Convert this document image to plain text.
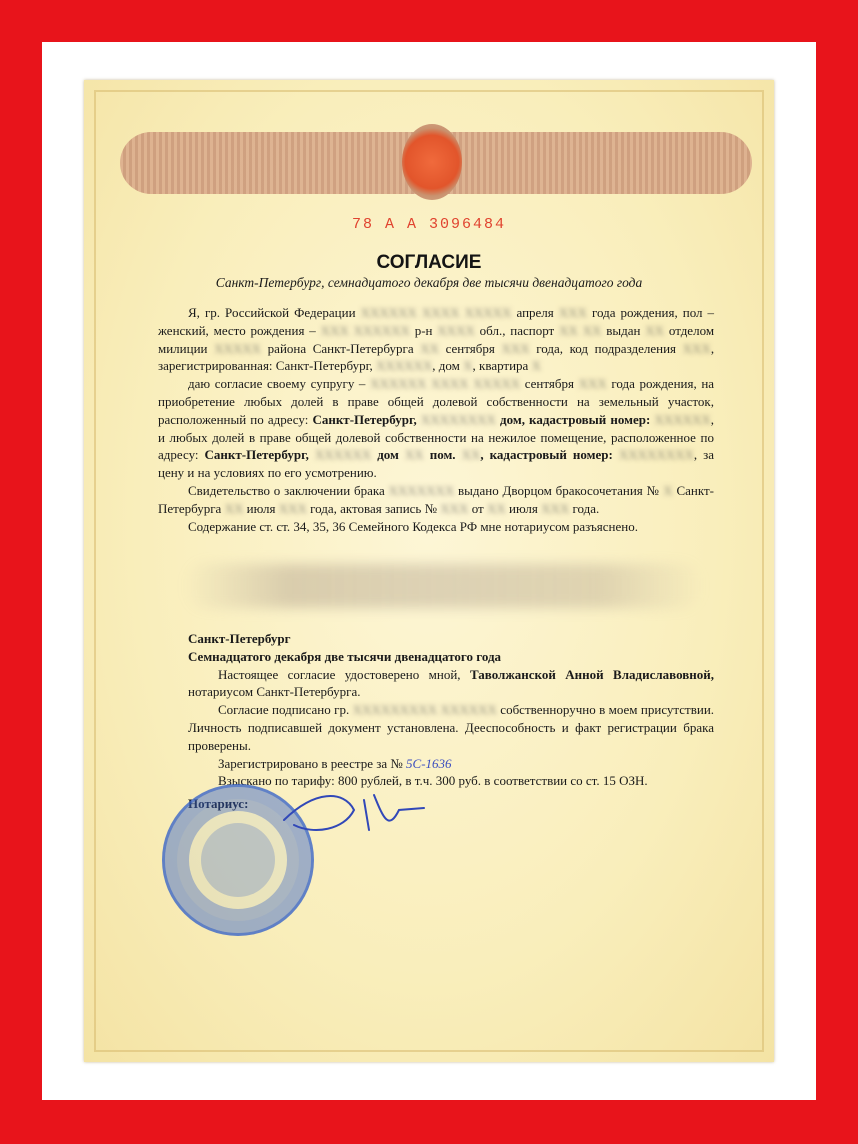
78 А А 3096484
СОГЛАСИЕ
Санкт-Петербург, семнадцатого декабря две тысячи двенадцатого года

Я, гр. Российской Федерации ХХХХХХ ХХХХ ХХХХХ апреля ХХХ года рождения, пол – женский, место рождения – ХХХ ХХХХХХ р-н ХХХХ обл., паспорт ХХ ХХ выдан ХХ отделом милиции ХХХХХ района Санкт-Петербурга ХХ сентября ХХХ года, код подразделения ХХХ, зарегистрированная: Санкт-Петербург, ХХХХХХ, дом Х, квартира Х

даю согласие своему супругу – ХХХХХХ ХХХХ ХХХХХ сентября ХХХ года рождения, на приобретение любых долей в праве общей долевой собственности на земельный участок, расположенный по адресу: Санкт-Петербург, ХХХХХХХХ дом, кадастровый номер: ХХХХХХ, и любых долей в праве общей долевой собственности на нежилое помещение, расположенное по адресу: Санкт-Петербург, ХХХХХХ дом ХХ пом. ХХ, кадастровый номер: ХХХХХХХХ, за цену и на условиях по его усмотрению.

Свидетельство о заключении брака ХХХХХХХ выдано Дворцом бракосочетания № Х Санкт-Петербурга ХХ июля ХХХ года, актовая запись № ХХХ от ХХ июля ХХХ года.

Содержание ст. ст. 34, 35, 36 Семейного Кодекса РФ мне нотариусом разъяснено.

Санкт-Петербург

Семнадцатого декабря две тысячи двенадцатого года

Настоящее согласие удостоверено мной, Таволжанской Анной Владиславовной, нотариусом Санкт-Петербурга.

Согласие подписано гр. ХХХХХХХХХ ХХХХХХ собственноручно в моем присутствии. Личность подписавшей документ установлена. Дееспособность и факт регистрации брака проверены.

Зарегистрировано в реестре за № 5С-1636

Взыскано по тарифу: 800 рублей, в т.ч. 300 руб. в соответствии со ст. 15 ОЗН.

Нотариус:
